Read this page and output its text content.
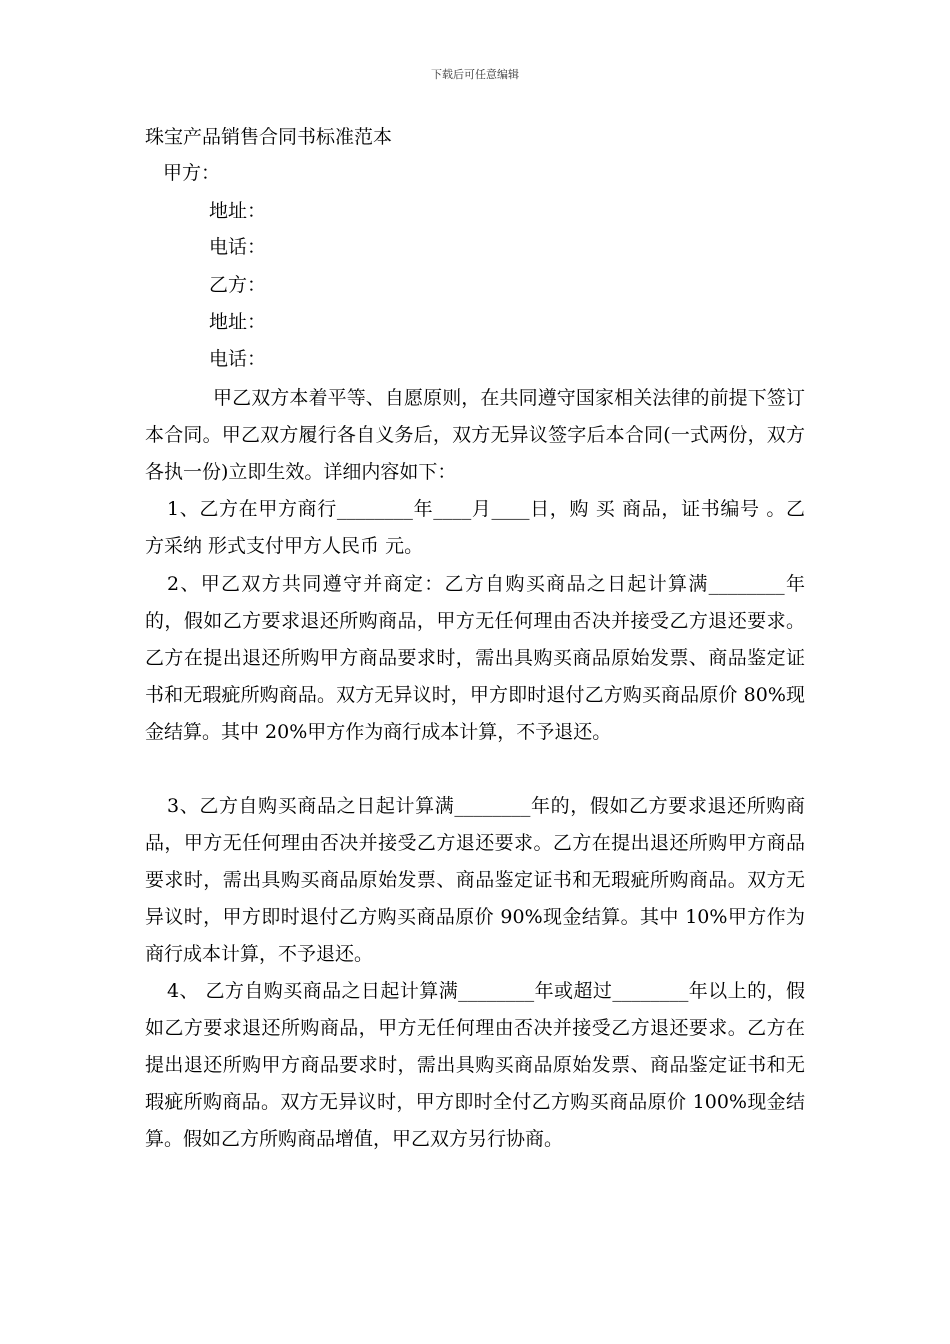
下载后可任意编辑
珠宝产品销售合同书标准范本
甲方：
地址：
电话：
乙方：
地址：
电话：
甲乙双方本着平等、自愿原则，在共同遵守国家相关法律的前提下签订本合同。甲乙双方履行各自义务后，双方无异议签字后本合同(一式两份，双方各执一份)立即生效。详细内容如下：
1、乙方在甲方商行________年____月____日，购 买 商品，证书编号 。乙方采纳 形式支付甲方人民币 元。
2、甲乙双方共同遵守并商定：乙方自购买商品之日起计算满________年的，假如乙方要求退还所购商品，甲方无任何理由否决并接受乙方退还要求。乙方在提出退还所购甲方商品要求时，需出具购买商品原始发票、商品鉴定证书和无瑕疵所购商品。双方无异议时，甲方即时退付乙方购买商品原价 80%现金结算。其中 20%甲方作为商行成本计算，不予退还。
3、乙方自购买商品之日起计算满________年的，假如乙方要求退还所购商品，甲方无任何理由否决并接受乙方退还要求。乙方在提出退还所购甲方商品要求时，需出具购买商品原始发票、商品鉴定证书和无瑕疵所购商品。双方无异议时，甲方即时退付乙方购买商品原价 90%现金结算。其中 10%甲方作为商行成本计算，不予退还。
4、 乙方自购买商品之日起计算满________年或超过________年以上的，假如乙方要求退还所购商品，甲方无任何理由否决并接受乙方退还要求。乙方在提出退还所购甲方商品要求时，需出具购买商品原始发票、商品鉴定证书和无瑕疵所购商品。双方无异议时，甲方即时全付乙方购买商品原价 100%现金结算。假如乙方所购商品增值，甲乙双方另行协商。
